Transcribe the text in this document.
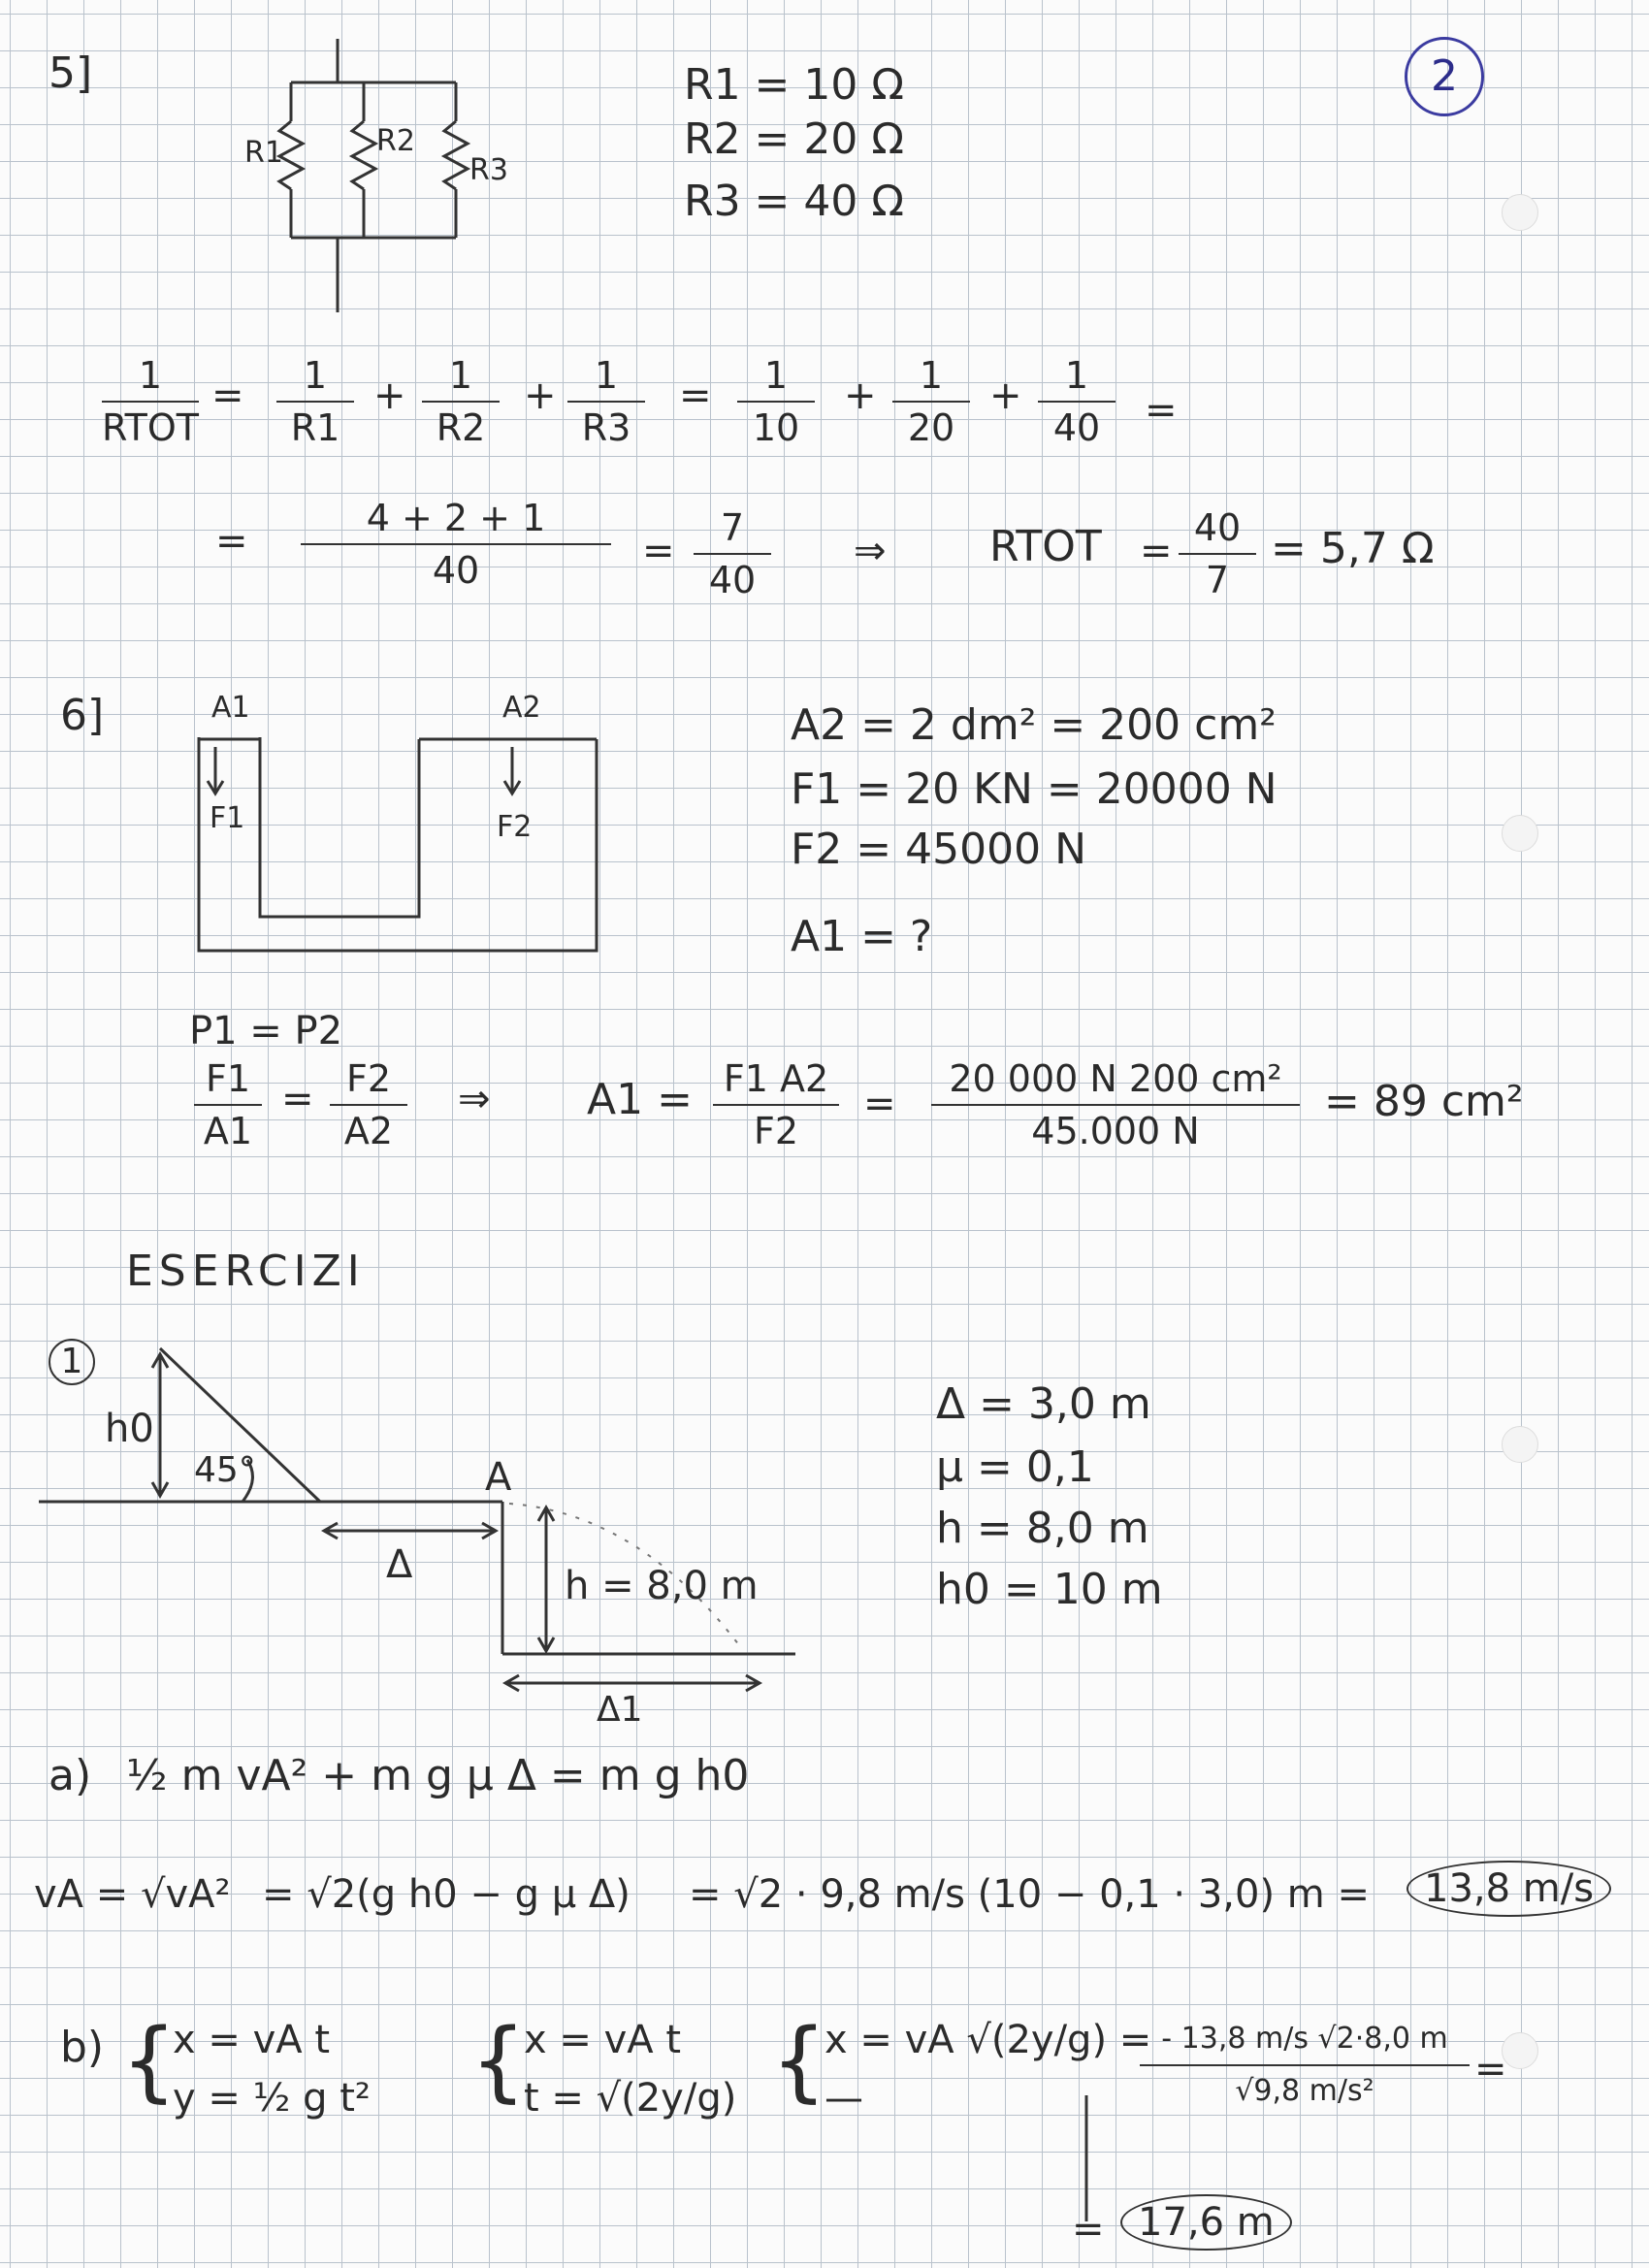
2
5]
R1	R2
R3
R1 = 10 Ω
R2 = 20 Ω
R3 = 40 Ω
1
RTOT
=	1
R1
+	1
R2
+	1
R3
=	1
10
+	1
20
+	1
40	=
=
4 + 2 + 1
40	=
7
40
⇒ RTOT =
40
7
= 5,7 Ω
6]	A1	A2
F1	F2
A2 = 2 dm² = 200 cm²
F1 = 20 KN = 20000 N
F2 = 45000 N
A1 = ?
P1 = P2
F1
A1
= F2
A2
⇒ A1 = F1 A2
F2
=
20 000 N 200 cm²
45.000 N
= 89 cm²
ESERCIZI
1
h0
45°	A
Δ	h = 8,0 m
Δ1
Δ = 3,0 m
μ = 0,1
h = 8,0 m
h0 = 10 m
a) ½ m vA² + m g μ Δ = m g h0
vA = √vA² = √2(g h0 − g μ Δ) = √2 · 9,8 m/s (10 − 0,1 · 3,0) m =	13,8 m/s
b) {
x = vA t
y = ½ g t² {
x = vA t
t = √(2y/g) {
x = vA √(2y/g) =
—
- 13,8 m/s √2·8,0 m
√9,8 m/s²	=
= 17,6 m
